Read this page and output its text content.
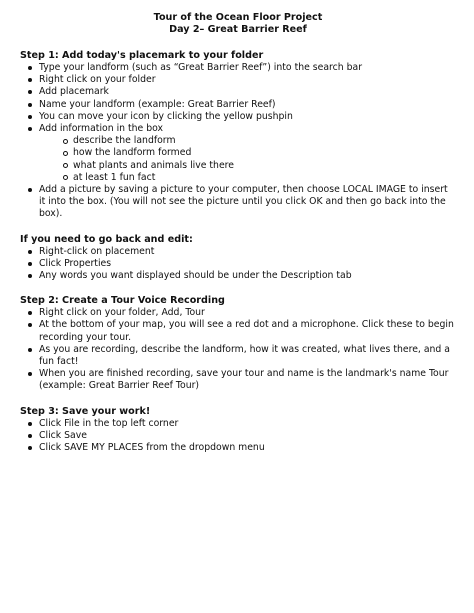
Tour of the Ocean Floor Project

Day 2– Great Barrier Reef

Step 1: Add today's placemark to your folder

Type your landform (such as “Great Barrier Reef”) into the search bar
Right click on your folder
Add placemark
Name your landform (example: Great Barrier Reef)
You can move your icon by clicking the yellow pushpin
Add information in the box
describe the landform
how the landform formed
what plants and animals live there
at least 1 fun fact
Add a picture by saving a picture to your computer, then choose LOCAL IMAGE to insert it into the box. (You will not see the picture until you click OK and then go back into the box).

If you need to go back and edit:

Right-click on placement
Click Properties
Any words you want displayed should be under the Description tab

Step 2: Create a Tour Voice Recording

Right click on your folder, Add, Tour
At the bottom of your map, you will see a red dot and a microphone. Click these to begin recording your tour.
As you are recording, describe the landform, how it was created, what lives there, and a fun fact!
When you are finished recording, save your tour and name is the landmark's name Tour (example: Great Barrier Reef Tour)

Step 3: Save your work!

Click File in the top left corner
Click Save
Click SAVE MY PLACES from the dropdown menu
